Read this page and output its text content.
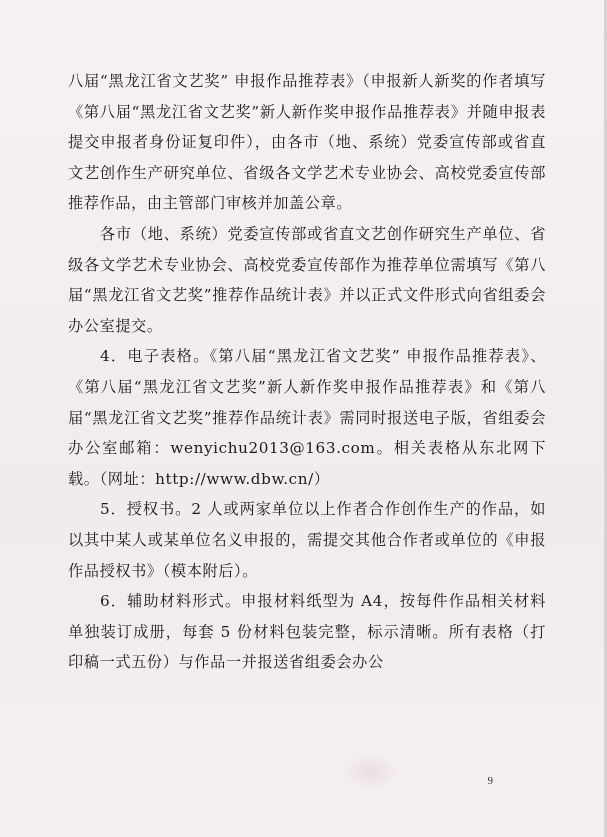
八届“黑龙江省文艺奖” 申报作品推荐表》（申报新人新奖的作者填写《第八届“黑龙江省文艺奖”新人新作奖申报作品推荐表》并随申报表提交申报者身份证复印件），由各市（地、系统）党委宣传部或省直文艺创作生产研究单位、省级各文学艺术专业协会、高校党委宣传部推荐作品，由主管部门审核并加盖公章。

各市（地、系统）党委宣传部或省直文艺创作研究生产单位、省级各文学艺术专业协会、高校党委宣传部作为推荐单位需填写《第八届“黑龙江省文艺奖”推荐作品统计表》并以正式文件形式向省组委会办公室提交。

4．电子表格。《第八届“黑龙江省文艺奖” 申报作品推荐表》、《第八届“黑龙江省文艺奖”新人新作奖申报作品推荐表》和《第八届“黑龙江省文艺奖”推荐作品统计表》需同时报送电子版，省组委会办公室邮箱：wenyichu2013@163.com。相关表格从东北网下载。（网址：http://www.dbw.cn/）

5．授权书。2 人或两家单位以上作者合作创作生产的作品，如以其中某人或某单位名义申报的，需提交其他合作者或单位的《申报作品授权书》（模本附后）。

6．辅助材料形式。申报材料纸型为 A4，按每件作品相关材料单独装订成册，每套 5 份材料包装完整，标示清晰。所有表格（打印稿一式五份）与作品一并报送省组委会办公

9
